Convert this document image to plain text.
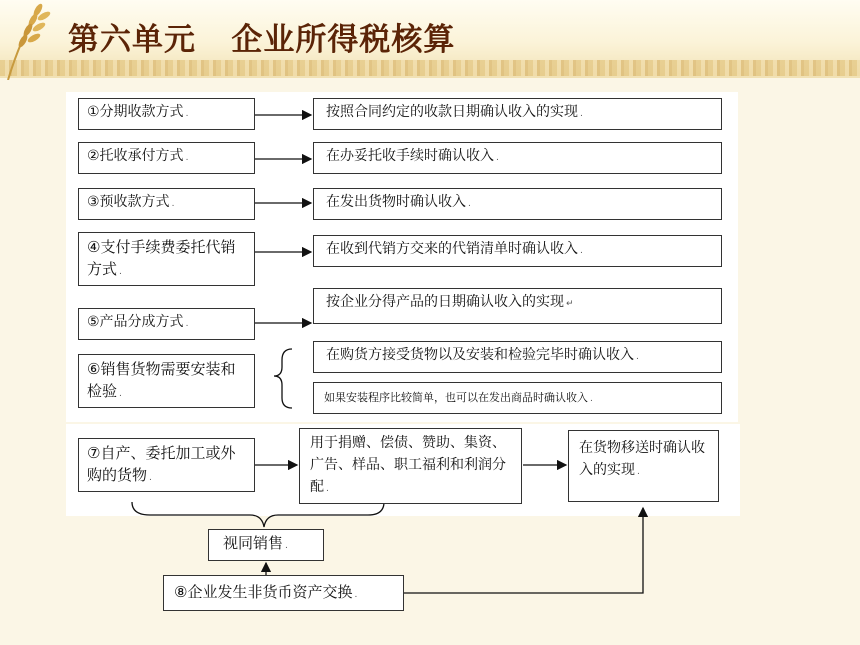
第六单元   企业所得税核算
①分期收款方式 .	按照合同约定的收款日期确认收入的实现 .
②托收承付方式 .	在办妥托收手续时确认收入 .
③预收款方式 .	在发出货物时确认收入 .
④支付手续费委托代销方式 .
在收到代销方交来的代销清单时确认收入 .
⑤产品分成方式 .
按企业分得产品的日期确认收入的实现 ↵
⑥销售货物需要安装和检验 .
在购货方接受货物以及安装和检验完毕时确认收入 .
如果安装程序比较简单，也可以在发出商品时确认收入 .
⑦自产、委托加工或外购的货物 .
用于捐赠、偿债、赞助、集资、广告、样品、职工福利和利润分配 .
在货物移送时确认收入的实现 .
视同销售 .
⑧企业发生非货币资产交换 .
